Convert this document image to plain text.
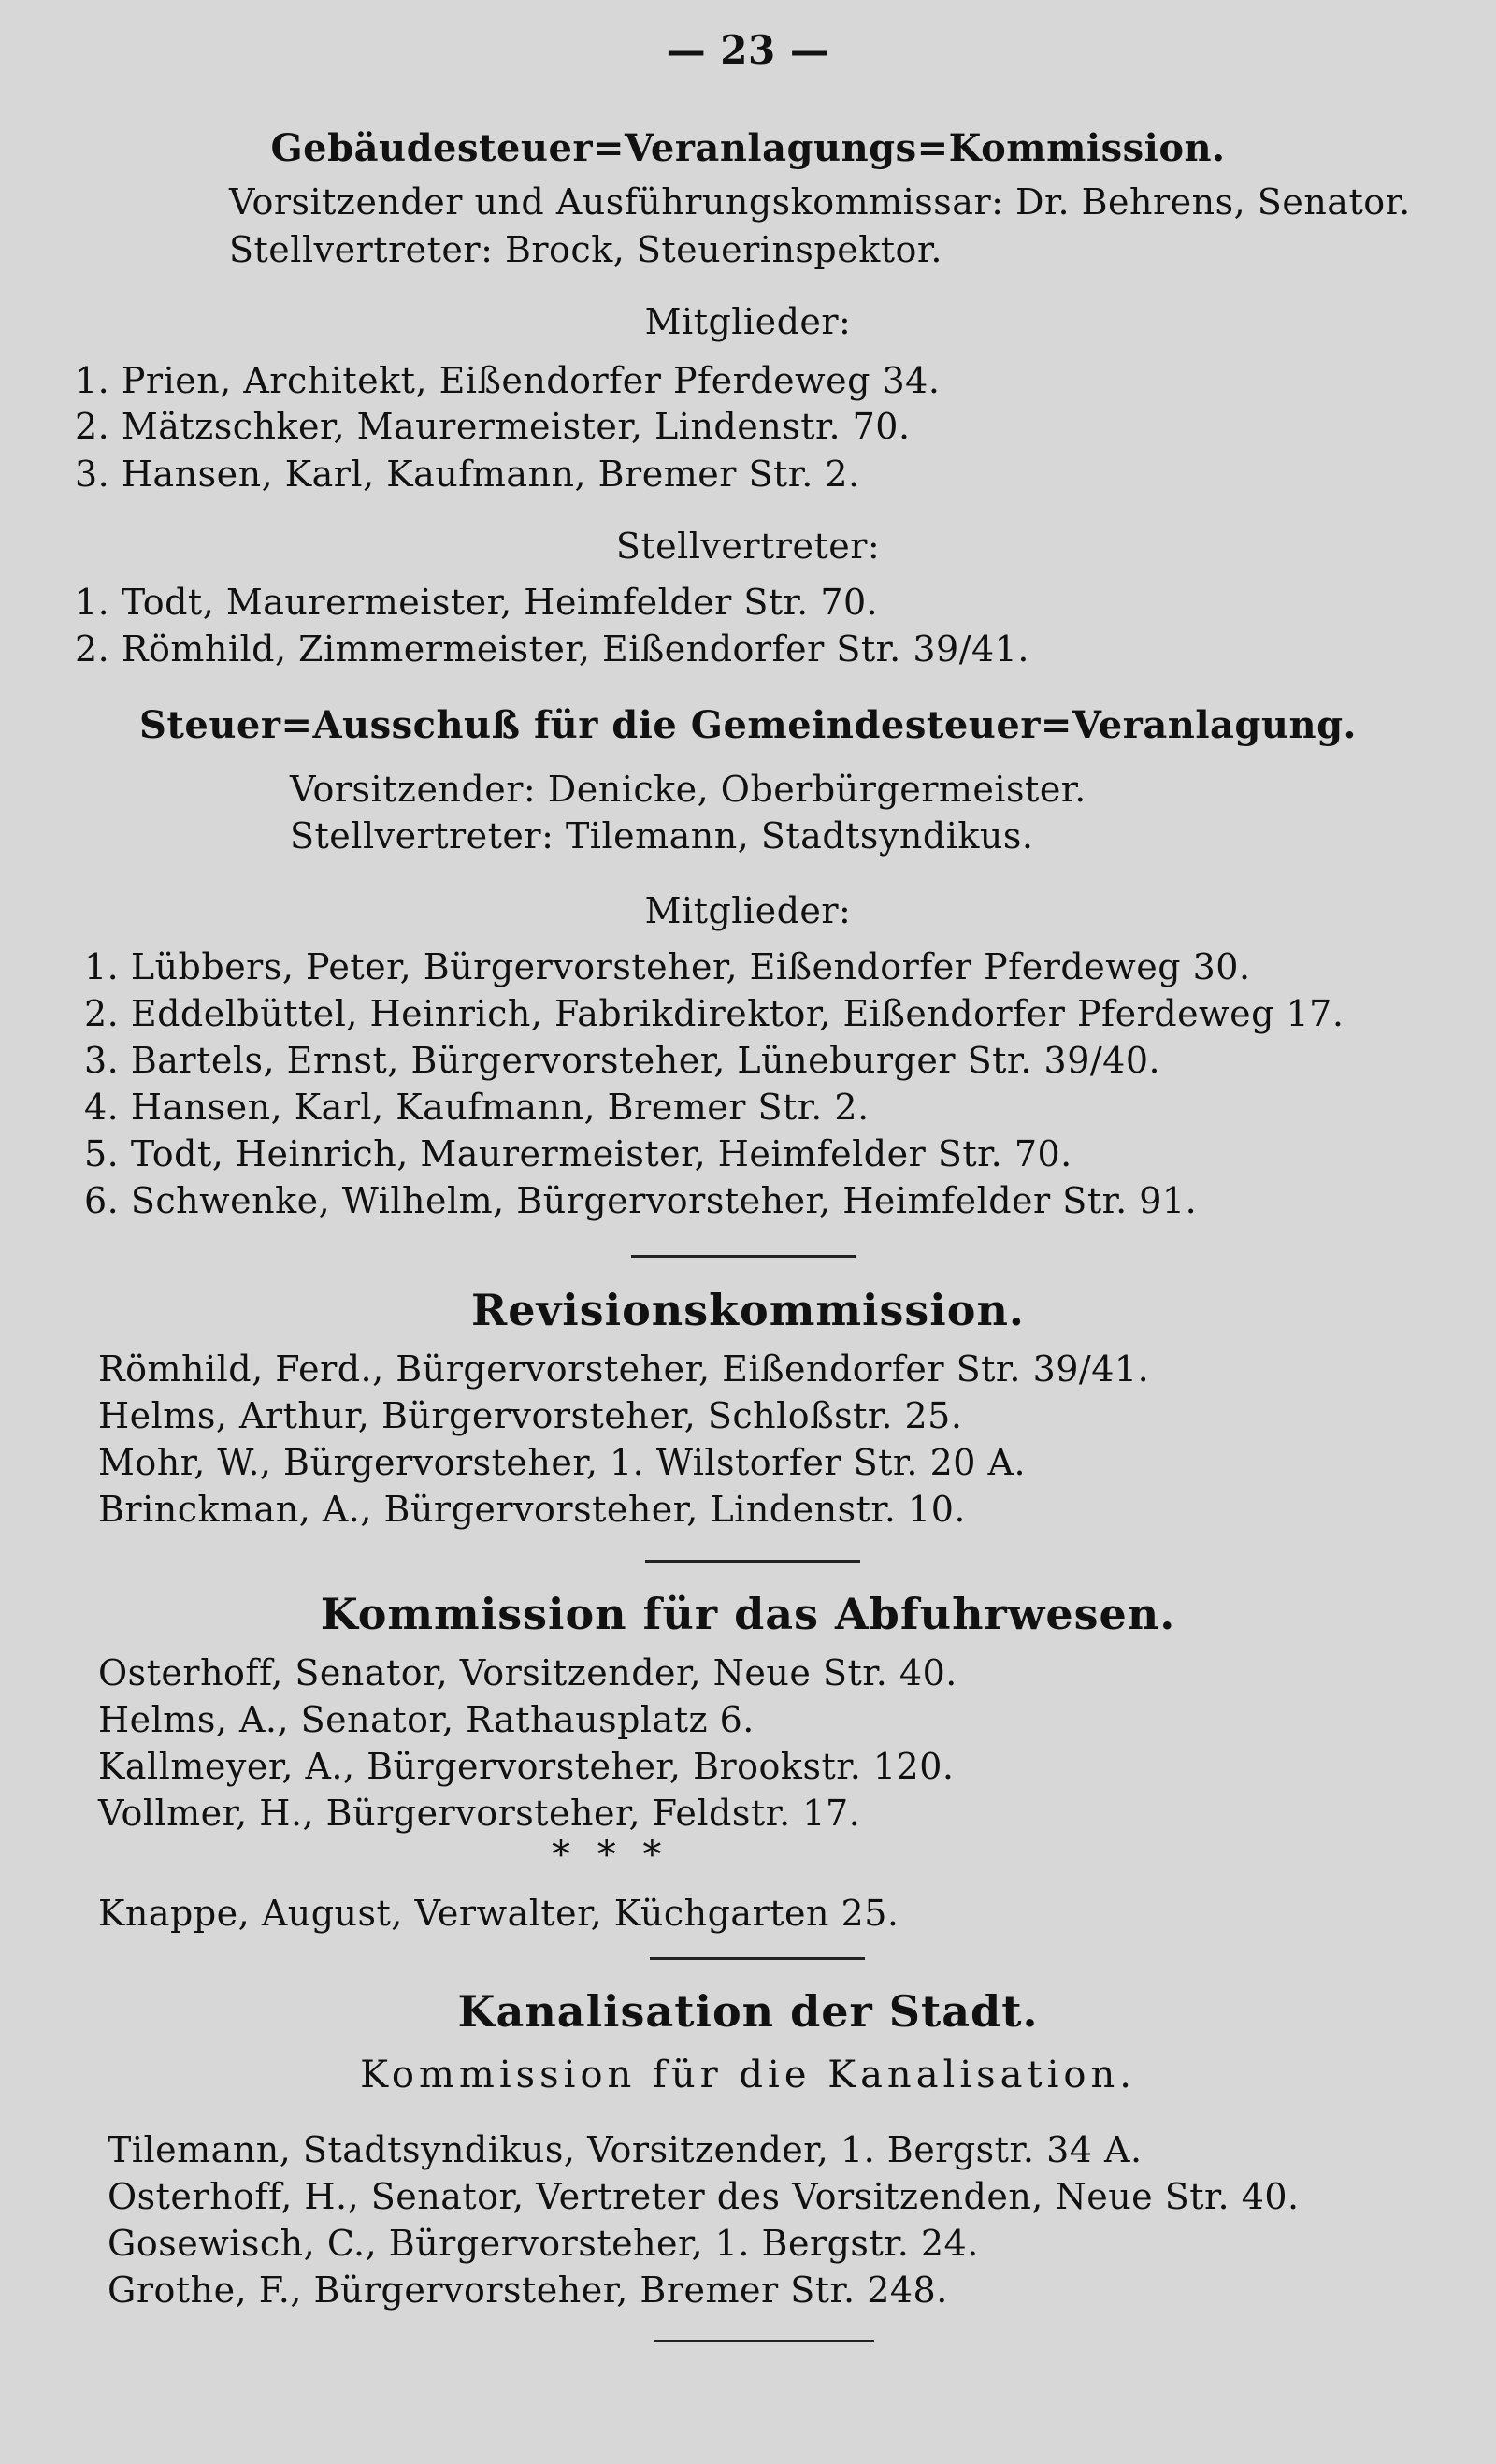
— 23 —
Gebäudesteuer=Veranlagungs=Kommission.
Vorsitzender und Ausführungskommissar: Dr. Behrens, Senator.
Stellvertreter: Brock, Steuerinspektor.
Mitglieder:
1. Prien, Architekt, Eißendorfer Pferdeweg 34.
2. Mätzschker, Maurermeister, Lindenstr. 70.
3. Hansen, Karl, Kaufmann, Bremer Str. 2.
Stellvertreter:
1. Todt, Maurermeister, Heimfelder Str. 70.
2. Römhild, Zimmermeister, Eißendorfer Str. 39/41.
Steuer=Ausschuß für die Gemeindesteuer=Veranlagung.
Vorsitzender: Denicke, Oberbürgermeister.
Stellvertreter: Tilemann, Stadtsyndikus.
Mitglieder:
1. Lübbers, Peter, Bürgervorsteher, Eißendorfer Pferdeweg 30.
2. Eddelbüttel, Heinrich, Fabrikdirektor, Eißendorfer Pferdeweg 17.
3. Bartels, Ernst, Bürgervorsteher, Lüneburger Str. 39/40.
4. Hansen, Karl, Kaufmann, Bremer Str. 2.
5. Todt, Heinrich, Maurermeister, Heimfelder Str. 70.
6. Schwenke, Wilhelm, Bürgervorsteher, Heimfelder Str. 91.
Revisionskommission.
Römhild, Ferd., Bürgervorsteher, Eißendorfer Str. 39/41.
Helms, Arthur, Bürgervorsteher, Schloßstr. 25.
Mohr, W., Bürgervorsteher, 1. Wilstorfer Str. 20 A.
Brinckman, A., Bürgervorsteher, Lindenstr. 10.
Kommission für das Abfuhrwesen.
Osterhoff, Senator, Vorsitzender, Neue Str. 40.
Helms, A., Senator, Rathausplatz 6.
Kallmeyer, A., Bürgervorsteher, Brookstr. 120.
Vollmer, H., Bürgervorsteher, Feldstr. 17.
* * *
Knappe, August, Verwalter, Küchgarten 25.
Kanalisation der Stadt.
Kommission für die Kanalisation.
Tilemann, Stadtsyndikus, Vorsitzender, 1. Bergstr. 34 A.
Osterhoff, H., Senator, Vertreter des Vorsitzenden, Neue Str. 40.
Gosewisch, C., Bürgervorsteher, 1. Bergstr. 24.
Grothe, F., Bürgervorsteher, Bremer Str. 248.
